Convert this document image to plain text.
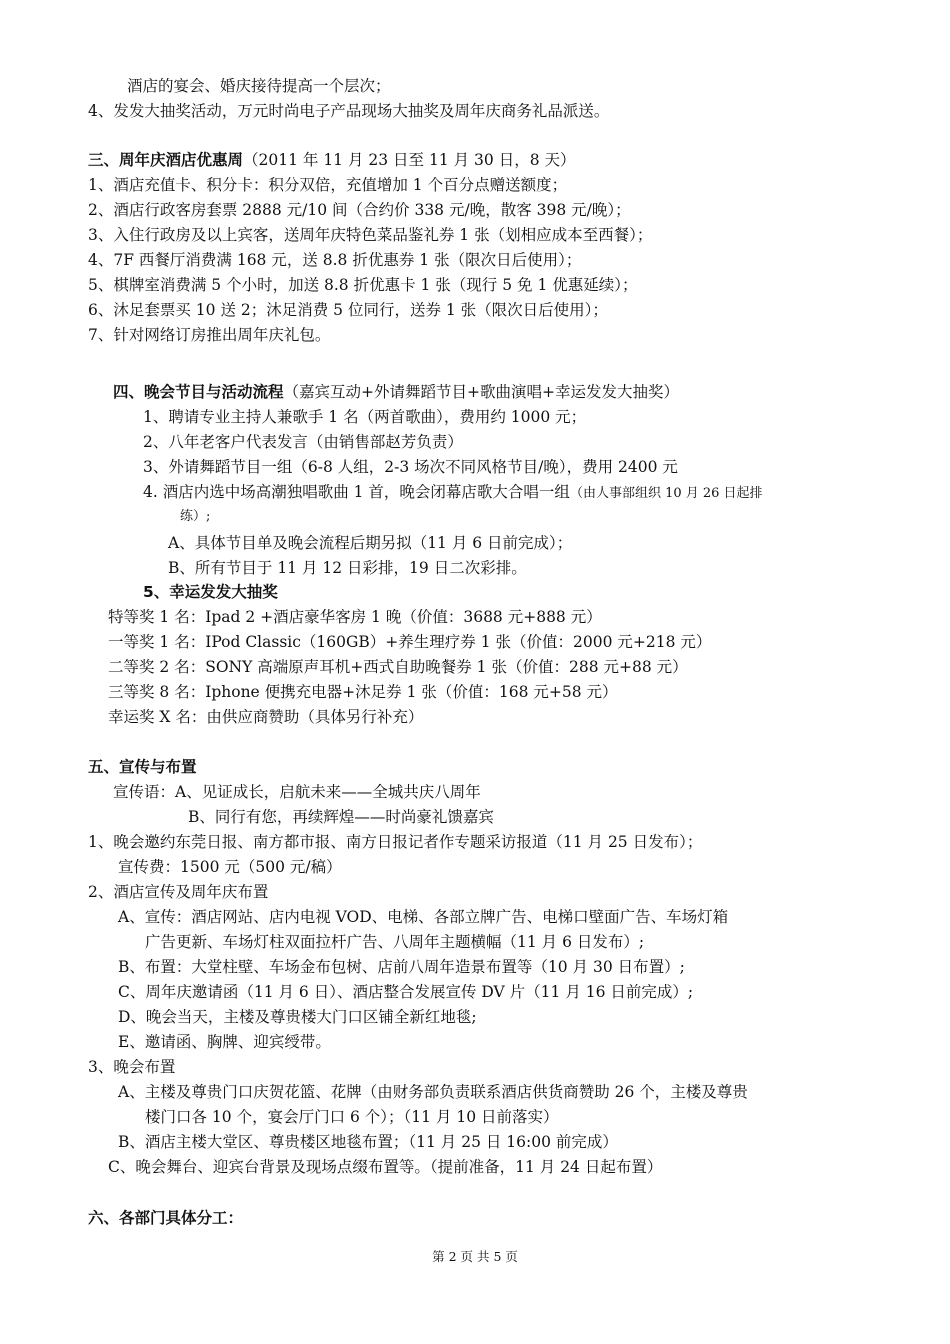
酒店的宴会、婚庆接待提高一个层次；
4、发发大抽奖活动，万元时尚电子产品现场大抽奖及周年庆商务礼品派送。
三、周年庆酒店优惠周（2011 年 11 月 23 日至 11 月 30 日，8 天）
1、酒店充值卡、积分卡：积分双倍，充值增加 1 个百分点赠送额度；
2、酒店行政客房套票 2888 元/10 间（合约价 338 元/晚，散客 398 元/晚）；
3、入住行政房及以上宾客，送周年庆特色菜品鉴礼券 1 张（划相应成本至西餐）；
4、7F 西餐厅消费满 168 元，送 8.8 折优惠券 1 张（限次日后使用）；
5、棋牌室消费满 5 个小时，加送 8.8 折优惠卡 1 张（现行 5 免 1 优惠延续）；
6、沐足套票买 10 送 2；沐足消费 5 位同行，送券 1 张（限次日后使用）；
7、针对网络订房推出周年庆礼包。
四、晚会节目与活动流程（嘉宾互动+外请舞蹈节目+歌曲演唱+幸运发发大抽奖）
1、聘请专业主持人兼歌手 1 名（两首歌曲），费用约 1000 元；
2、八年老客户代表发言（由销售部赵芳负责）
3、外请舞蹈节目一组（6-8 人组，2-3 场次不同风格节目/晚），费用 2400 元
4. 酒店内选中场高潮独唱歌曲 1 首，晚会闭幕店歌大合唱一组（由人事部组织 10 月 26 日起排
练）;
A、具体节目单及晚会流程后期另拟（11 月 6 日前完成）；
B、所有节目于 11 月 12 日彩排，19 日二次彩排。
5、幸运发发大抽奖
特等奖 1 名：Ipad 2 +酒店豪华客房 1 晚（价值：3688 元+888 元）
一等奖 1 名：IPod Classic（160GB）+养生理疗券 1 张（价值：2000 元+218 元）
二等奖 2 名：SONY 高端原声耳机+西式自助晚餐券 1 张（价值：288 元+88 元）
三等奖 8 名：Iphone 便携充电器+沐足券 1 张（价值：168 元+58 元）
幸运奖 X 名：由供应商赞助（具体另行补充）
五、宣传与布置
宣传语：A、见证成长，启航未来——全城共庆八周年
B、同行有您，再续辉煌——时尚豪礼馈嘉宾
1、晚会邀约东莞日报、南方都市报、南方日报记者作专题采访报道（11 月 25 日发布）；
宣传费：1500 元（500 元/稿）
2、酒店宣传及周年庆布置
A、宣传：酒店网站、店内电视 VOD、电梯、各部立牌广告、电梯口壁面广告、车场灯箱
广告更新、车场灯柱双面拉杆广告、八周年主题横幅（11 月 6 日发布）;
B、布置：大堂柱壁、车场金布包树、店前八周年造景布置等（10 月 30 日布置）;
C、周年庆邀请函（11 月 6 日）、酒店整合发展宣传 DV 片（11 月 16 日前完成）;
D、晚会当天，主楼及尊贵楼大门口区铺全新红地毯;
E、邀请函、胸牌、迎宾绶带。
3、晚会布置
A、主楼及尊贵门口庆贺花篮、花牌（由财务部负责联系酒店供货商赞助 26 个，主楼及尊贵
楼门口各 10 个，宴会厅门口 6 个）；（11 月 10 日前落实）
B、酒店主楼大堂区、尊贵楼区地毯布置；（11 月 25 日 16:00 前完成）
C、晚会舞台、迎宾台背景及现场点缀布置等。（提前准备，11 月 24 日起布置）
六、各部门具体分工：
第 2 页 共 5 页
